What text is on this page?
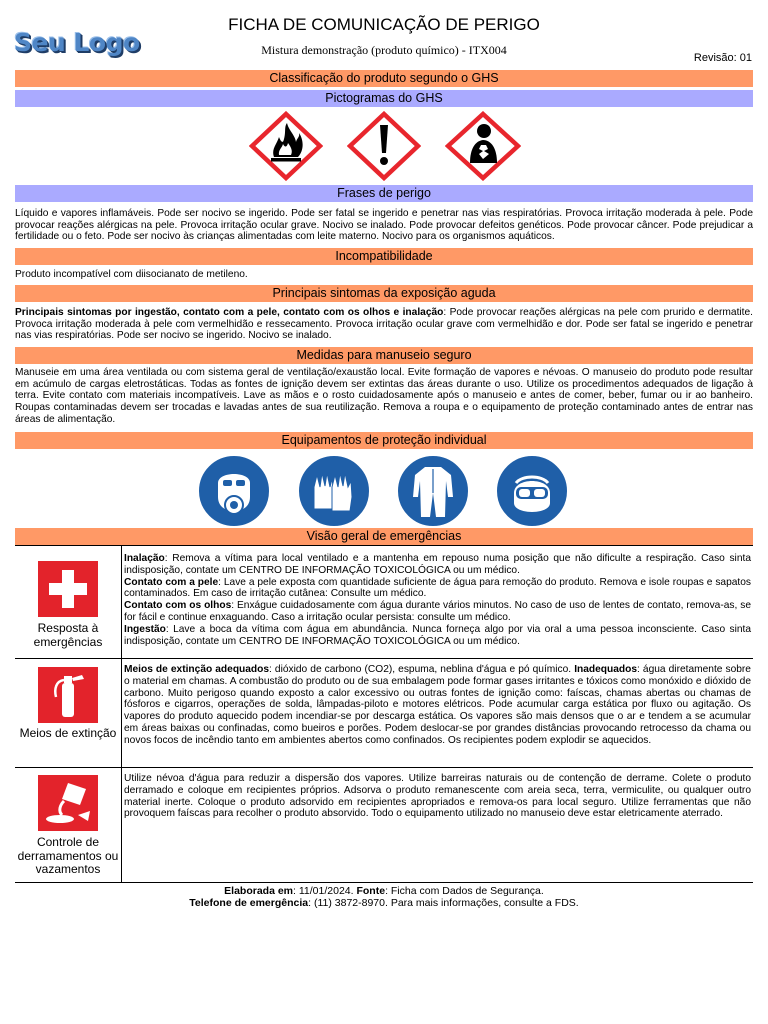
Seu Logo
FICHA DE COMUNICAÇÃO DE PERIGO
Mistura demonstração (produto químico) - ITX004
Revisão: 01
Classificação do produto segundo o GHS
Pictogramas do GHS
Frases de perigo
Líquido e vapores inflamáveis. Pode ser nocivo se ingerido. Pode ser fatal se ingerido e penetrar nas vias respiratórias. Provoca irritação moderada à pele. Pode provocar reações alérgicas na pele. Provoca irritação ocular grave. Nocivo se inalado. Pode provocar defeitos genéticos. Pode provocar câncer. Pode prejudicar a fertilidade ou o feto. Pode ser nocivo às crianças alimentadas com leite materno. Nocivo para os organismos aquáticos.
Incompatibilidade
Produto incompatível com diisocianato de metileno.
Principais sintomas da exposição aguda
Principais sintomas por ingestão, contato com a pele, contato com os olhos e inalação: Pode provocar reações alérgicas na pele com prurido e dermatite. Provoca irritação moderada à pele com vermelhidão e ressecamento. Provoca irritação ocular grave com vermelhidão e dor. Pode ser fatal se ingerido e penetrar nas vias respiratórias. Pode ser nocivo se ingerido. Nocivo se inalado.
Medidas para manuseio seguro
Manuseie em uma área ventilada ou com sistema geral de ventilação/exaustão local. Evite formação de vapores e névoas. O manuseio do produto pode resultar em acúmulo de cargas eletrostáticas. Todas as fontes de ignição devem ser extintas das áreas durante o uso. Utilize os procedimentos adequados de ligação à terra. Evite contato com materiais incompatíveis. Lave as mãos e o rosto cuidadosamente após o manuseio e antes de comer, beber, fumar ou ir ao banheiro. Roupas contaminadas devem ser trocadas e lavadas antes de sua reutilização. Remova a roupa e o equipamento de proteção contaminado antes de entrar nas áreas de alimentação.
Equipamentos de proteção individual
Visão geral de emergências
Resposta à emergências
Inalação: Remova a vítima para local ventilado e a mantenha em repouso numa posição que não dificulte a respiração. Caso sinta indisposição, contate um CENTRO DE INFORMAÇÃO TOXICOLÓGICA ou um médico.
Contato com a pele: Lave a pele exposta com quantidade suficiente de água para remoção do produto. Remova e isole roupas e sapatos contaminados. Em caso de irritação cutânea: Consulte um médico.
Contato com os olhos: Enxágue cuidadosamente com água durante vários minutos. No caso de uso de lentes de contato, remova-as, se for fácil e continue enxaguando. Caso a irritação ocular persista: consulte um médico.
Ingestão: Lave a boca da vítima com água em abundância. Nunca forneça algo por via oral a uma pessoa inconsciente. Caso sinta indisposição, contate um CENTRO DE INFORMAÇÃO TOXICOLÓGICA ou um médico.
Meios de extinção
Meios de extinção adequados: dióxido de carbono (CO2), espuma, neblina d'água e pó químico. Inadequados: água diretamente sobre o material em chamas. A combustão do produto ou de sua embalagem pode formar gases irritantes e tóxicos como monóxido e dióxido de carbono. Muito perigoso quando exposto a calor excessivo ou outras fontes de ignição como: faíscas, chamas abertas ou chamas de fósforos e cigarros, operações de solda, lâmpadas-piloto e motores elétricos. Pode acumular carga estática por fluxo ou agitação. Os vapores do produto aquecido podem incendiar-se por descarga estática. Os vapores são mais densos que o ar e tendem a se acumular em áreas baixas ou confinadas, como bueiros e porões. Podem deslocar-se por grandes distâncias provocando retrocesso da chama ou novos focos de incêndio tanto em ambientes abertos como confinados. Os recipientes podem explodir se aquecidos.
Controle de derramamentos ou vazamentos
Utilize névoa d'água para reduzir a dispersão dos vapores. Utilize barreiras naturais ou de contenção de derrame. Colete o produto derramado e coloque em recipientes próprios. Adsorva o produto remanescente com areia seca, terra, vermiculite, ou qualquer outro material inerte. Coloque o produto adsorvido em recipientes apropriados e remova-os para local seguro. Utilize ferramentas que não provoquem faíscas para recolher o produto absorvido. Todo o equipamento utilizado no manuseio deve estar eletricamente aterrado.
Elaborada em: 11/01/2024. Fonte: Ficha com Dados de Segurança.
Telefone de emergência: (11) 3872-8970. Para mais informações, consulte a FDS.
